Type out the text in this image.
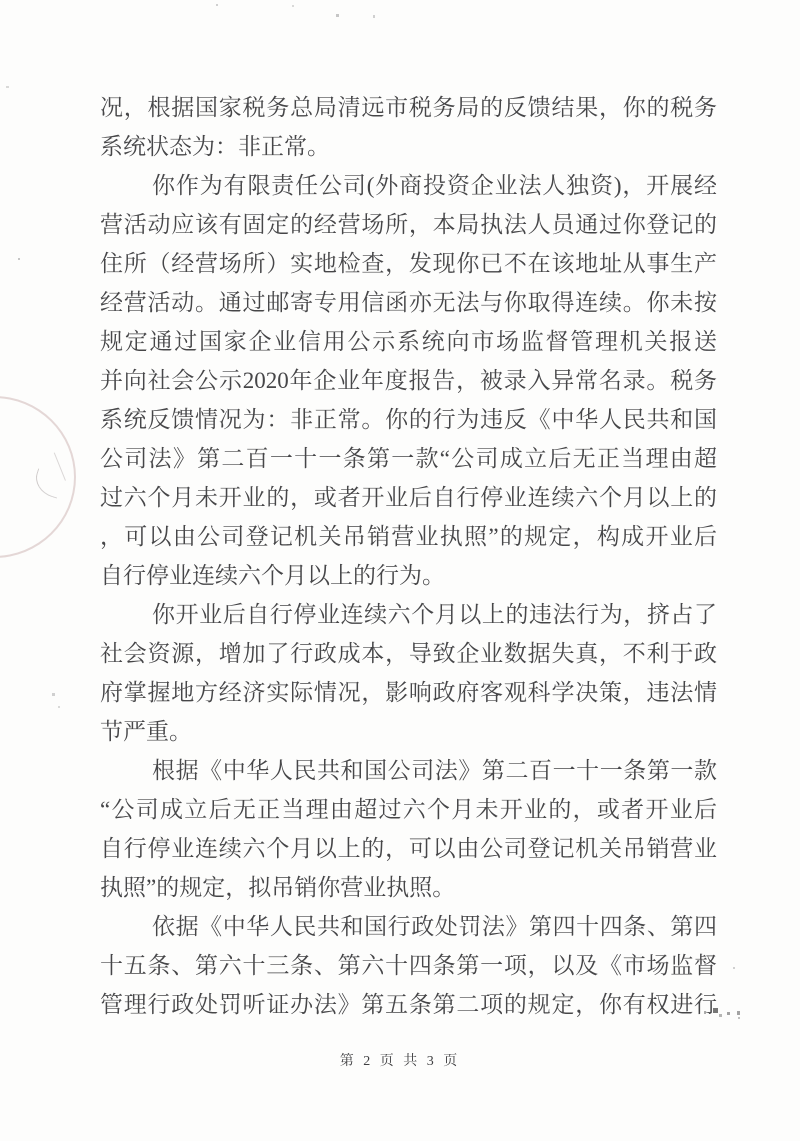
况，根据国家税务总局清远市税务局的反馈结果，你的税务
系统状态为：非正常。
你作为有限责任公司(外商投资企业法人独资)，开展经
营活动应该有固定的经营场所，本局执法人员通过你登记的
住所（经营场所）实地检查，发现你已不在该地址从事生产
经营活动。通过邮寄专用信函亦无法与你取得连续。你未按
规定通过国家企业信用公示系统向市场监督管理机关报送
并向社会公示2020年企业年度报告，被录入异常名录。税务
系统反馈情况为：非正常。你的行为违反《中华人民共和国
公司法》第二百一十一条第一款“公司成立后无正当理由超
过六个月未开业的，或者开业后自行停业连续六个月以上的
，可以由公司登记机关吊销营业执照”的规定，构成开业后
自行停业连续六个月以上的行为。
你开业后自行停业连续六个月以上的违法行为，挤占了
社会资源，增加了行政成本，导致企业数据失真，不利于政
府掌握地方经济实际情况，影响政府客观科学决策，违法情
节严重。
根据《中华人民共和国公司法》第二百一十一条第一款
“公司成立后无正当理由超过六个月未开业的，或者开业后
自行停业连续六个月以上的，可以由公司登记机关吊销营业
执照”的规定，拟吊销你营业执照。
依据《中华人民共和国行政处罚法》第四十四条、第四
十五条、第六十三条、第六十四条第一项，以及《市场监督
管理行政处罚听证办法》第五条第二项的规定，你有权进行
第 2 页 共 3 页
